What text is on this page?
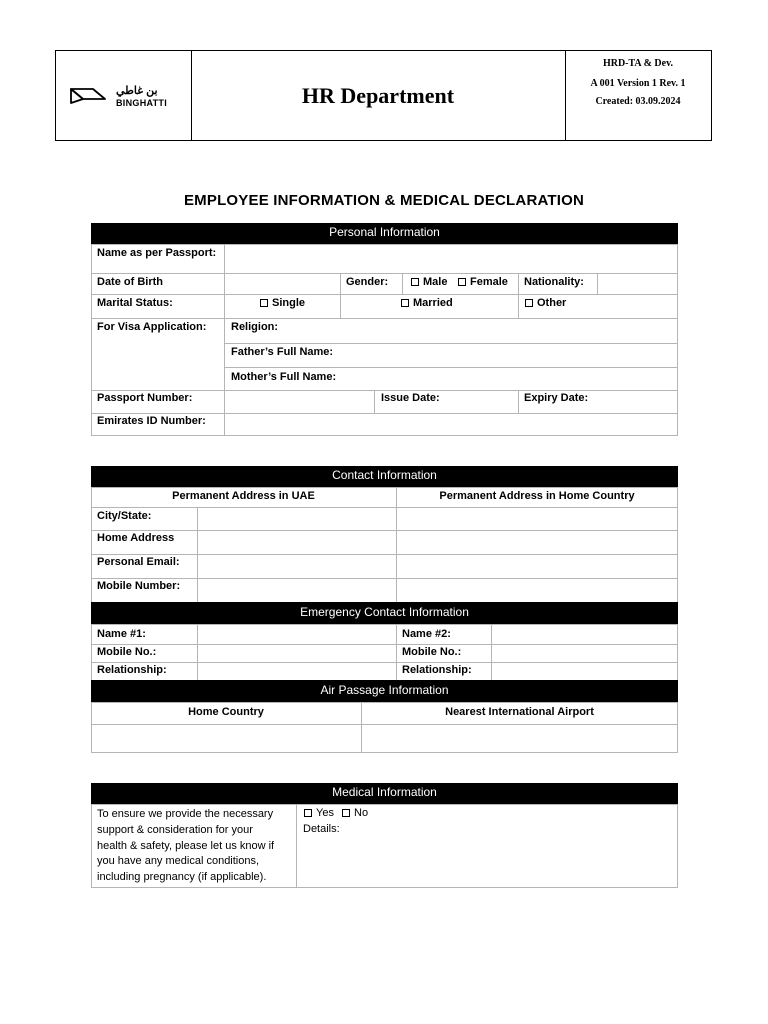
بن غاطي
BINGHATTI	HR Department
HRD-TA & Dev.
A 001 Version 1 Rev. 1
Created: 03.09.2024
EMPLOYEE INFORMATION & MEDICAL DECLARATION
Personal Information
Name as per Passport:
Date of Birth	Gender:	Male	Female Nationality:
Marital Status:	Single	Married	Other
For Visa Application: Religion:
Father’s Full Name:
Mother’s Full Name:
Passport Number:	Issue Date:	Expiry Date:
Emirates ID Number:
Contact Information
Permanent Address in UAE	Permanent Address in Home Country
City/State:
Home Address
Personal Email:
Mobile Number:
Emergency Contact Information
Name #1:	Name #2:
Mobile No.:	Mobile No.:
Relationship:	Relationship:
Air Passage Information
Home Country	Nearest International Airport
Medical Information
To ensure we provide the necessary
support & consideration for your
health & safety, please let us know if
you have any medical conditions,
including pregnancy (if applicable).
Yes	No
Details:
